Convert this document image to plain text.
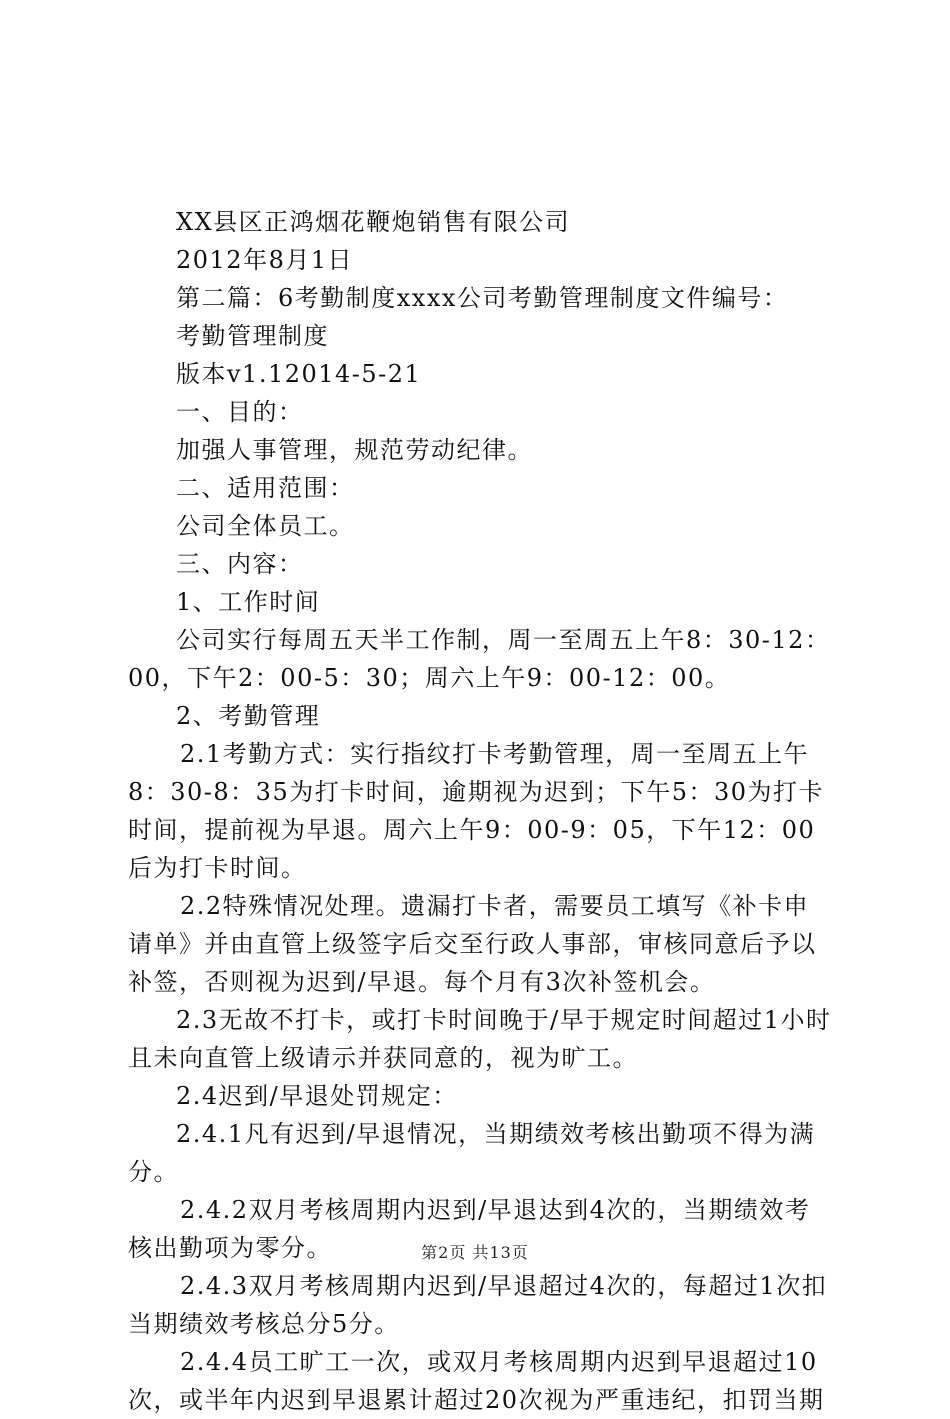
XX县区正鸿烟花鞭炮销售有限公司

2012年8月1日

第二篇：6考勤制度xxxx公司考勤管理制度文件编号：

考勤管理制度

版本v1.12014-5-21

一、目的：

加强人事管理，规范劳动纪律。

二、适用范围：

公司全体员工。

三、内容：

1、工作时间

公司实行每周五天半工作制，周一至周五上午8：30-12：00，下午2：00-5：30；周六上午9：00-12：00。

2、考勤管理

2.1考勤方式：实行指纹打卡考勤管理，周一至周五上午8：30-8：35为打卡时间，逾期视为迟到；下午5：30为打卡时间，提前视为早退。周六上午9：00-9：05，下午12：00后为打卡时间。

2.2特殊情况处理。遗漏打卡者，需要员工填写《补卡申请单》并由直管上级签字后交至行政人事部，审核同意后予以补签，否则视为迟到/早退。每个月有3次补签机会。

2.3无故不打卡，或打卡时间晚于/早于规定时间超过1小时且未向直管上级请示并获同意的，视为旷工。

2.4迟到/早退处罚规定：

2.4.1凡有迟到/早退情况，当期绩效考核出勤项不得为满分。

2.4.2双月考核周期内迟到/早退达到4次的，当期绩效考核出勤项为零分。

2.4.3双月考核周期内迟到/早退超过4次的，每超过1次扣当期绩效考核总分5分。

2.4.4员工旷工一次，或双月考核周期内迟到早退超过10次，或半年内迟到早退累计超过20次视为严重违纪，扣罚当期

第2页 共13页
